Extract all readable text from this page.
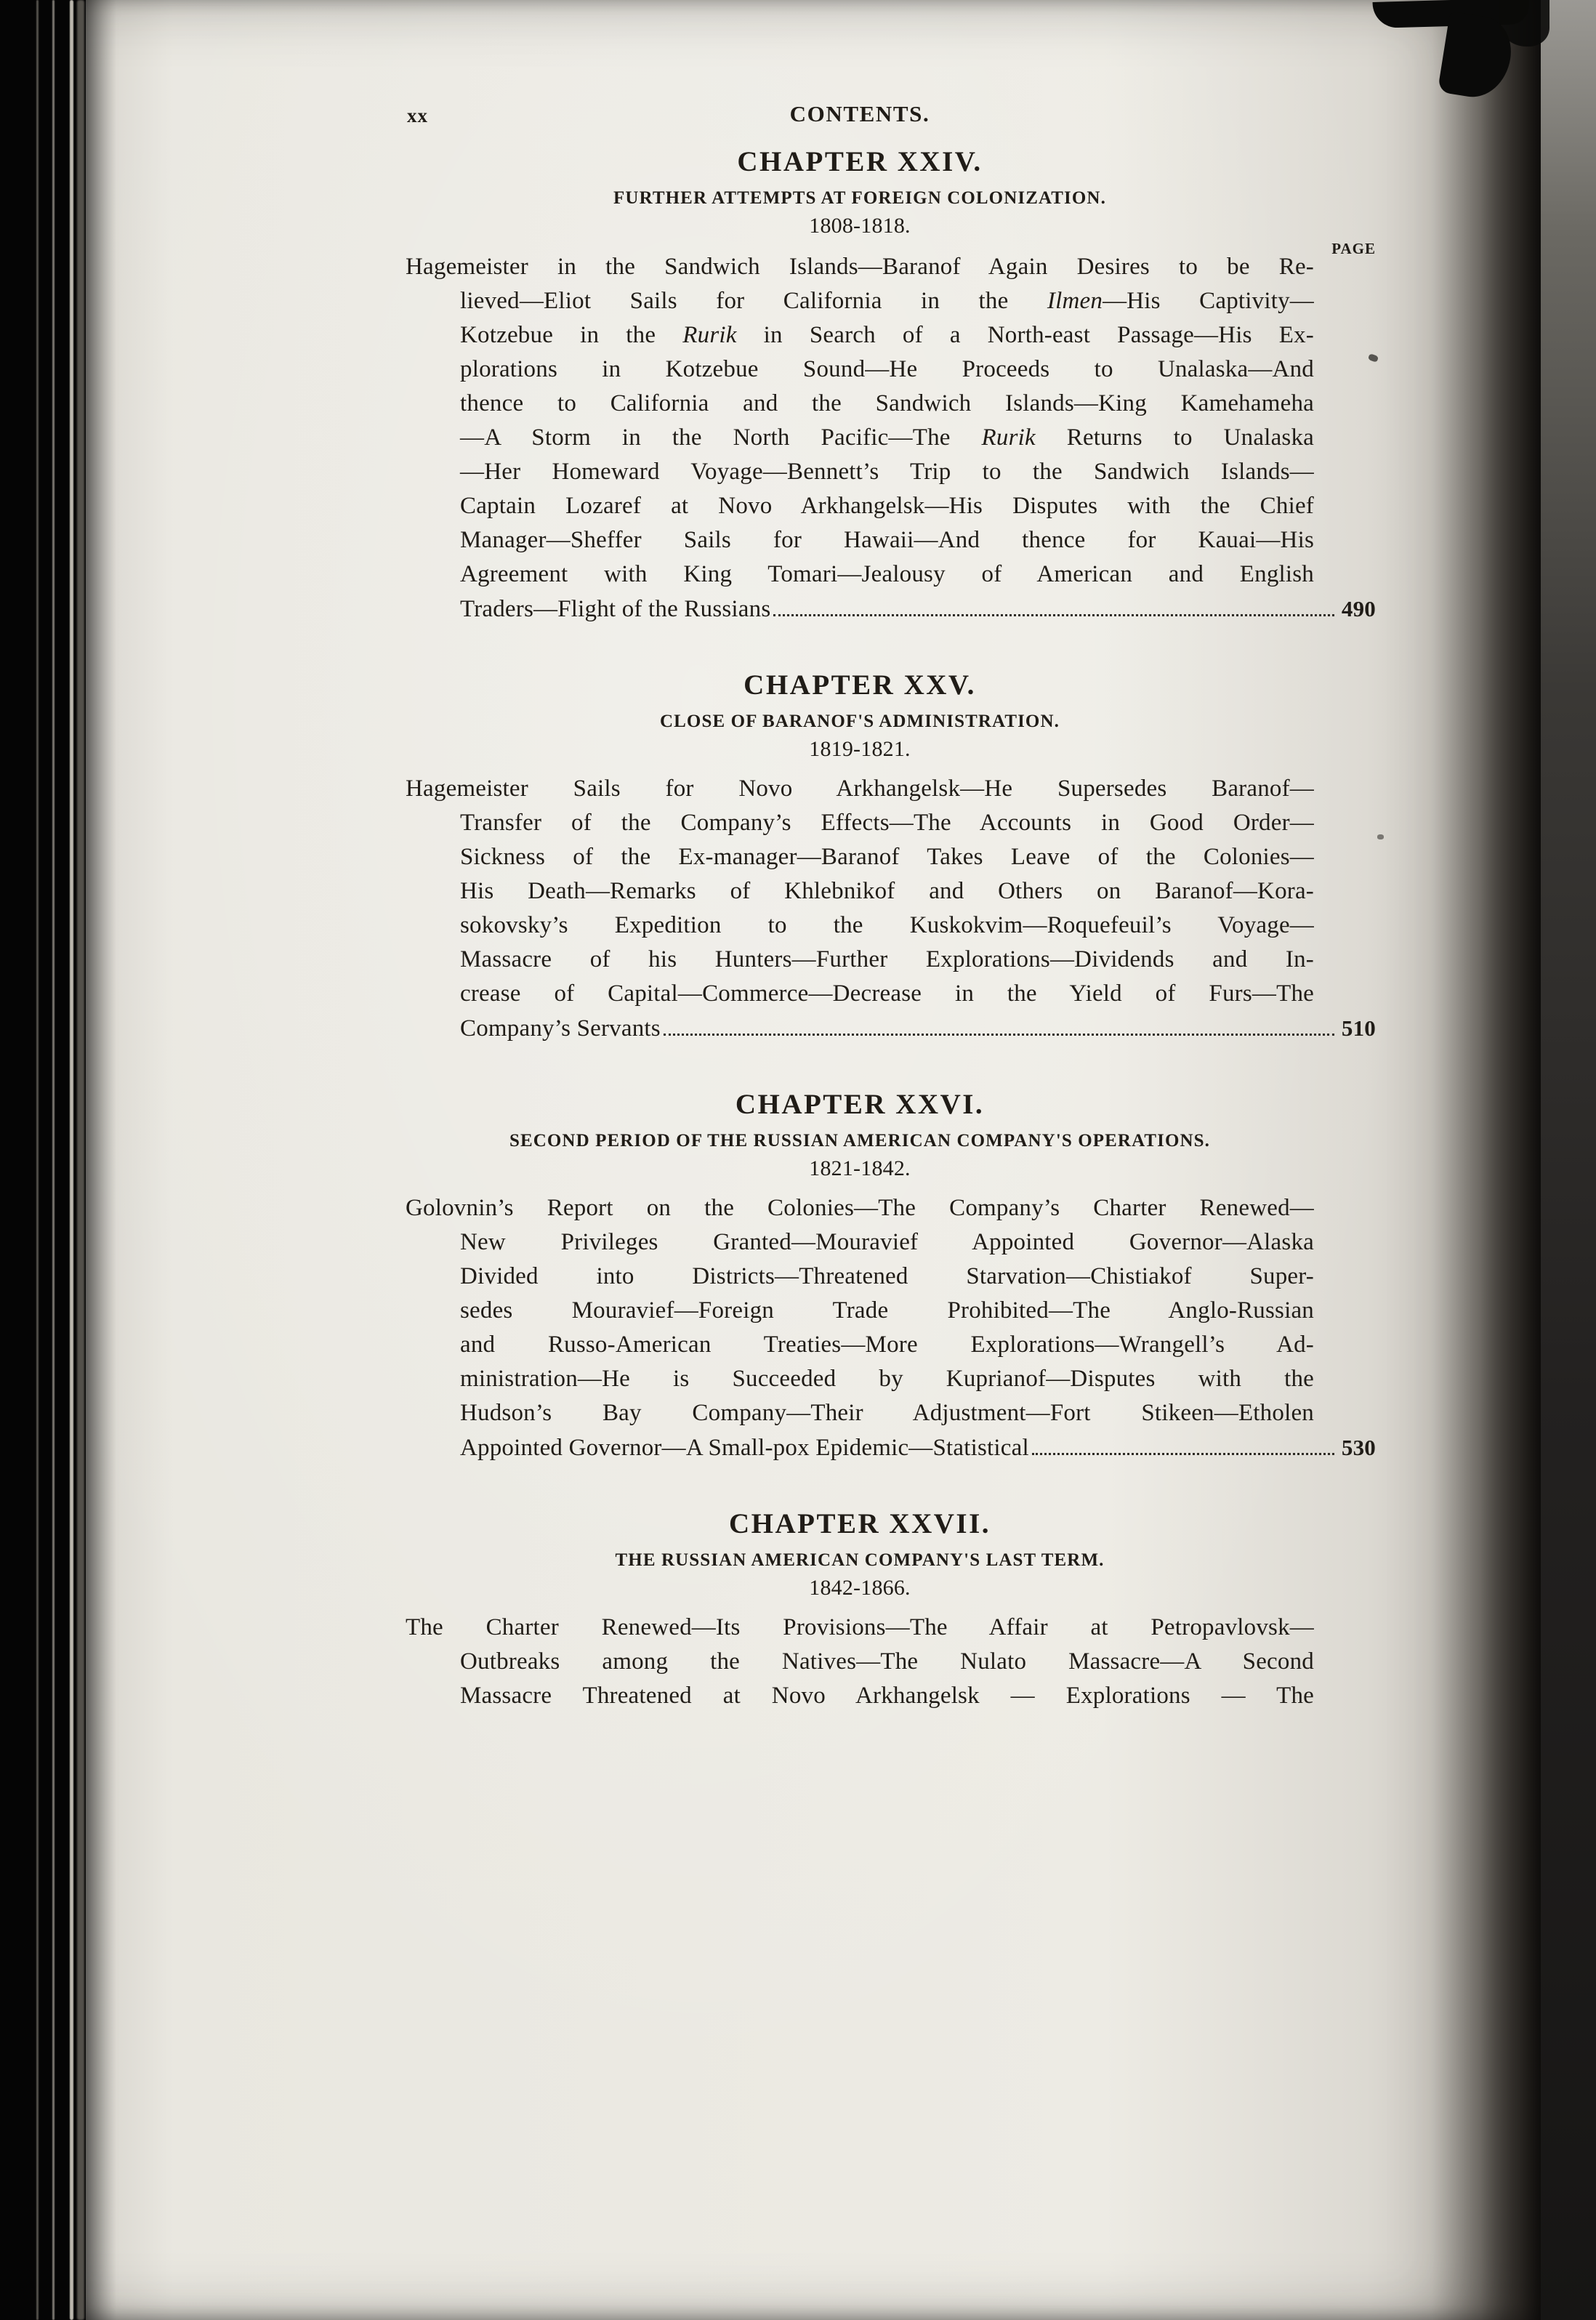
xx	CONTENTS.
CHAPTER XXIV.
FURTHER ATTEMPTS AT FOREIGN COLONIZATION.
1808-1818.
PAGE
Hagemeister in the Sandwich Islands—Baranof Again Desires to be Re-
lieved—Eliot Sails for California in the Ilmen—His Captivity—
Kotzebue in the Rurik in Search of a North-east Passage—His Ex-
plorations in Kotzebue Sound—He Proceeds to Unalaska—And
thence to California and the Sandwich Islands—King Kamehameha
—A Storm in the North Pacific—The Rurik Returns to Unalaska
—Her Homeward Voyage—Bennett’s Trip to the Sandwich Islands—
Captain Lozaref at Novo Arkhangelsk—His Disputes with the Chief
Manager—Sheffer Sails for Hawaii—And thence for Kauai—His
Agreement with King Tomari—Jealousy of American and English
Traders—Flight of the Russians	490
CHAPTER XXV.
CLOSE OF BARANOF'S ADMINISTRATION.
1819-1821.
Hagemeister Sails for Novo Arkhangelsk—He Supersedes Baranof—
Transfer of the Company’s Effects—The Accounts in Good Order—
Sickness of the Ex-manager—Baranof Takes Leave of the Colonies—
His Death—Remarks of Khlebnikof and Others on Baranof—Kora-
sokovsky’s Expedition to the Kuskokvim—Roquefeuil’s Voyage—
Massacre of his Hunters—Further Explorations—Dividends and In-
crease of Capital—Commerce—Decrease in the Yield of Furs—The
Company’s Servants	510
CHAPTER XXVI.
SECOND PERIOD OF THE RUSSIAN AMERICAN COMPANY'S OPERATIONS.
1821-1842.
Golovnin’s Report on the Colonies—The Company’s Charter Renewed—
New Privileges Granted—Mouravief Appointed Governor—Alaska
Divided into Districts—Threatened Starvation—Chistiakof Super-
sedes Mouravief—Foreign Trade Prohibited—The Anglo-Russian
and Russo-American Treaties—More Explorations—Wrangell’s Ad-
ministration—He is Succeeded by Kuprianof—Disputes with the
Hudson’s Bay Company—Their Adjustment—Fort Stikeen—Etholen
Appointed Governor—A Small-pox Epidemic—Statistical	530
CHAPTER XXVII.
THE RUSSIAN AMERICAN COMPANY'S LAST TERM.
1842-1866.
The Charter Renewed—Its Provisions—The Affair at Petropavlovsk—
Outbreaks among the Natives—The Nulato Massacre—A Second
Massacre Threatened at Novo Arkhangelsk — Explorations — The
